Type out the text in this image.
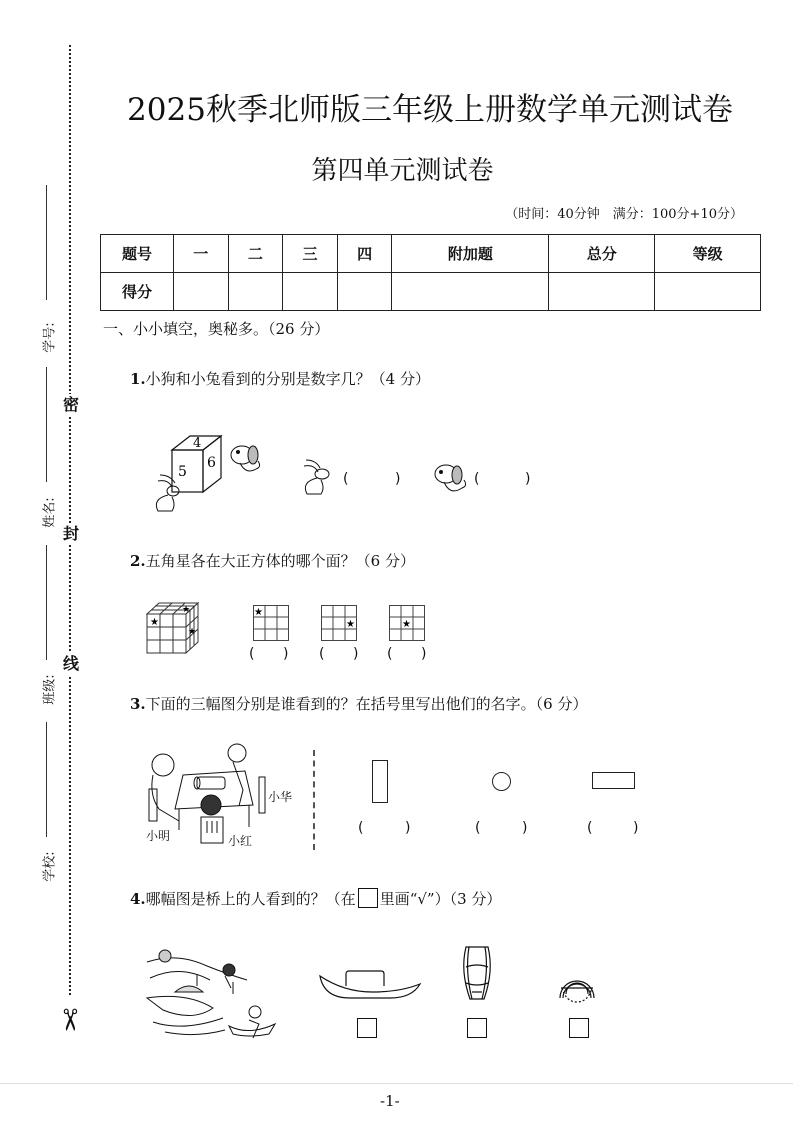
学号:
姓名:
班级:
学校:
密
封
线
✂
2025秋季北师版三年级上册数学单元测试卷
第四单元测试卷
（时间：40分钟　满分：100分+10分）
题号	一	二	三	四	附加题	总分	等级
得分							
一、小小填空，奥秘多。（26 分）
1.小狗和小兔看到的分别是数字几？（4 分）
4
5
6
(	)	(	)
2.五角星各在大正方体的哪个面？（6 分）
★
★
★
★
★	★
( ) ( ) ( )
3.下面的三幅图分别是谁看到的？在括号里写出他们的名字。（6 分）
小明	小红
小华
(	)	(	)	(	)
4.哪幅图是桥上的人看到的？（在 里画“√”）（3 分）
-1-
